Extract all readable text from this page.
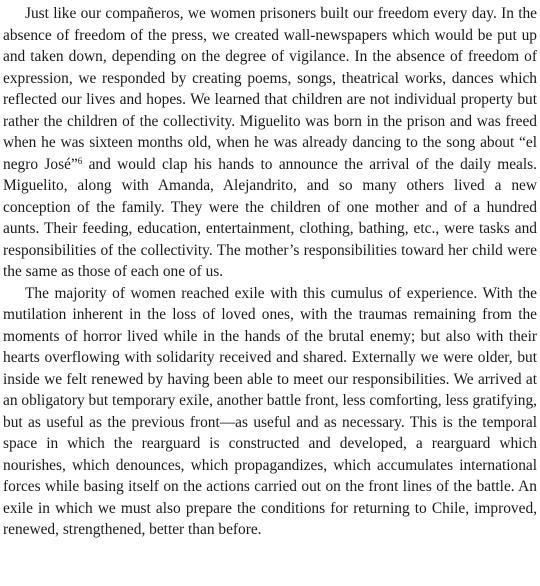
Just like our compañeros, we women prisoners built our freedom every day. In the absence of freedom of the press, we created wall-newspapers which would be put up and taken down, depending on the degree of vigilance. In the absence of freedom of expression, we responded by creating poems, songs, theatrical works, dances which reflected our lives and hopes. We learned that children are not individual property but rather the children of the collectivity. Miguelito was born in the prison and was freed when he was sixteen months old, when he was already dancing to the song about “el negro José”$^6$ and would clap his hands to announce the arrival of the daily meals. Miguelito, along with Amanda, Alejandrito, and so many others lived a new conception of the family. They were the children of one mother and of a hundred aunts. Their feeding, education, entertainment, clothing, bathing, etc., were tasks and responsibilities of the collectivity. The mother’s responsibilities toward her child were the same as those of each one of us.

The majority of women reached exile with this cumulus of experience. With the mutilation inherent in the loss of loved ones, with the traumas remaining from the moments of horror lived while in the hands of the brutal enemy; but also with their hearts overflowing with solidarity received and shared. Externally we were older, but inside we felt renewed by having been able to meet our responsibilities. We arrived at an obligatory but temporary exile, another battle front, less comforting, less gratifying, but as useful as the previous front—as useful and as necessary. This is the temporal space in which the rearguard is constructed and developed, a rearguard which nourishes, which denounces, which propagandizes, which accumulates international forces while basing itself on the actions carried out on the front lines of the battle. An exile in which we must also prepare the conditions for returning to Chile, improved, renewed, strengthened, better than before.
